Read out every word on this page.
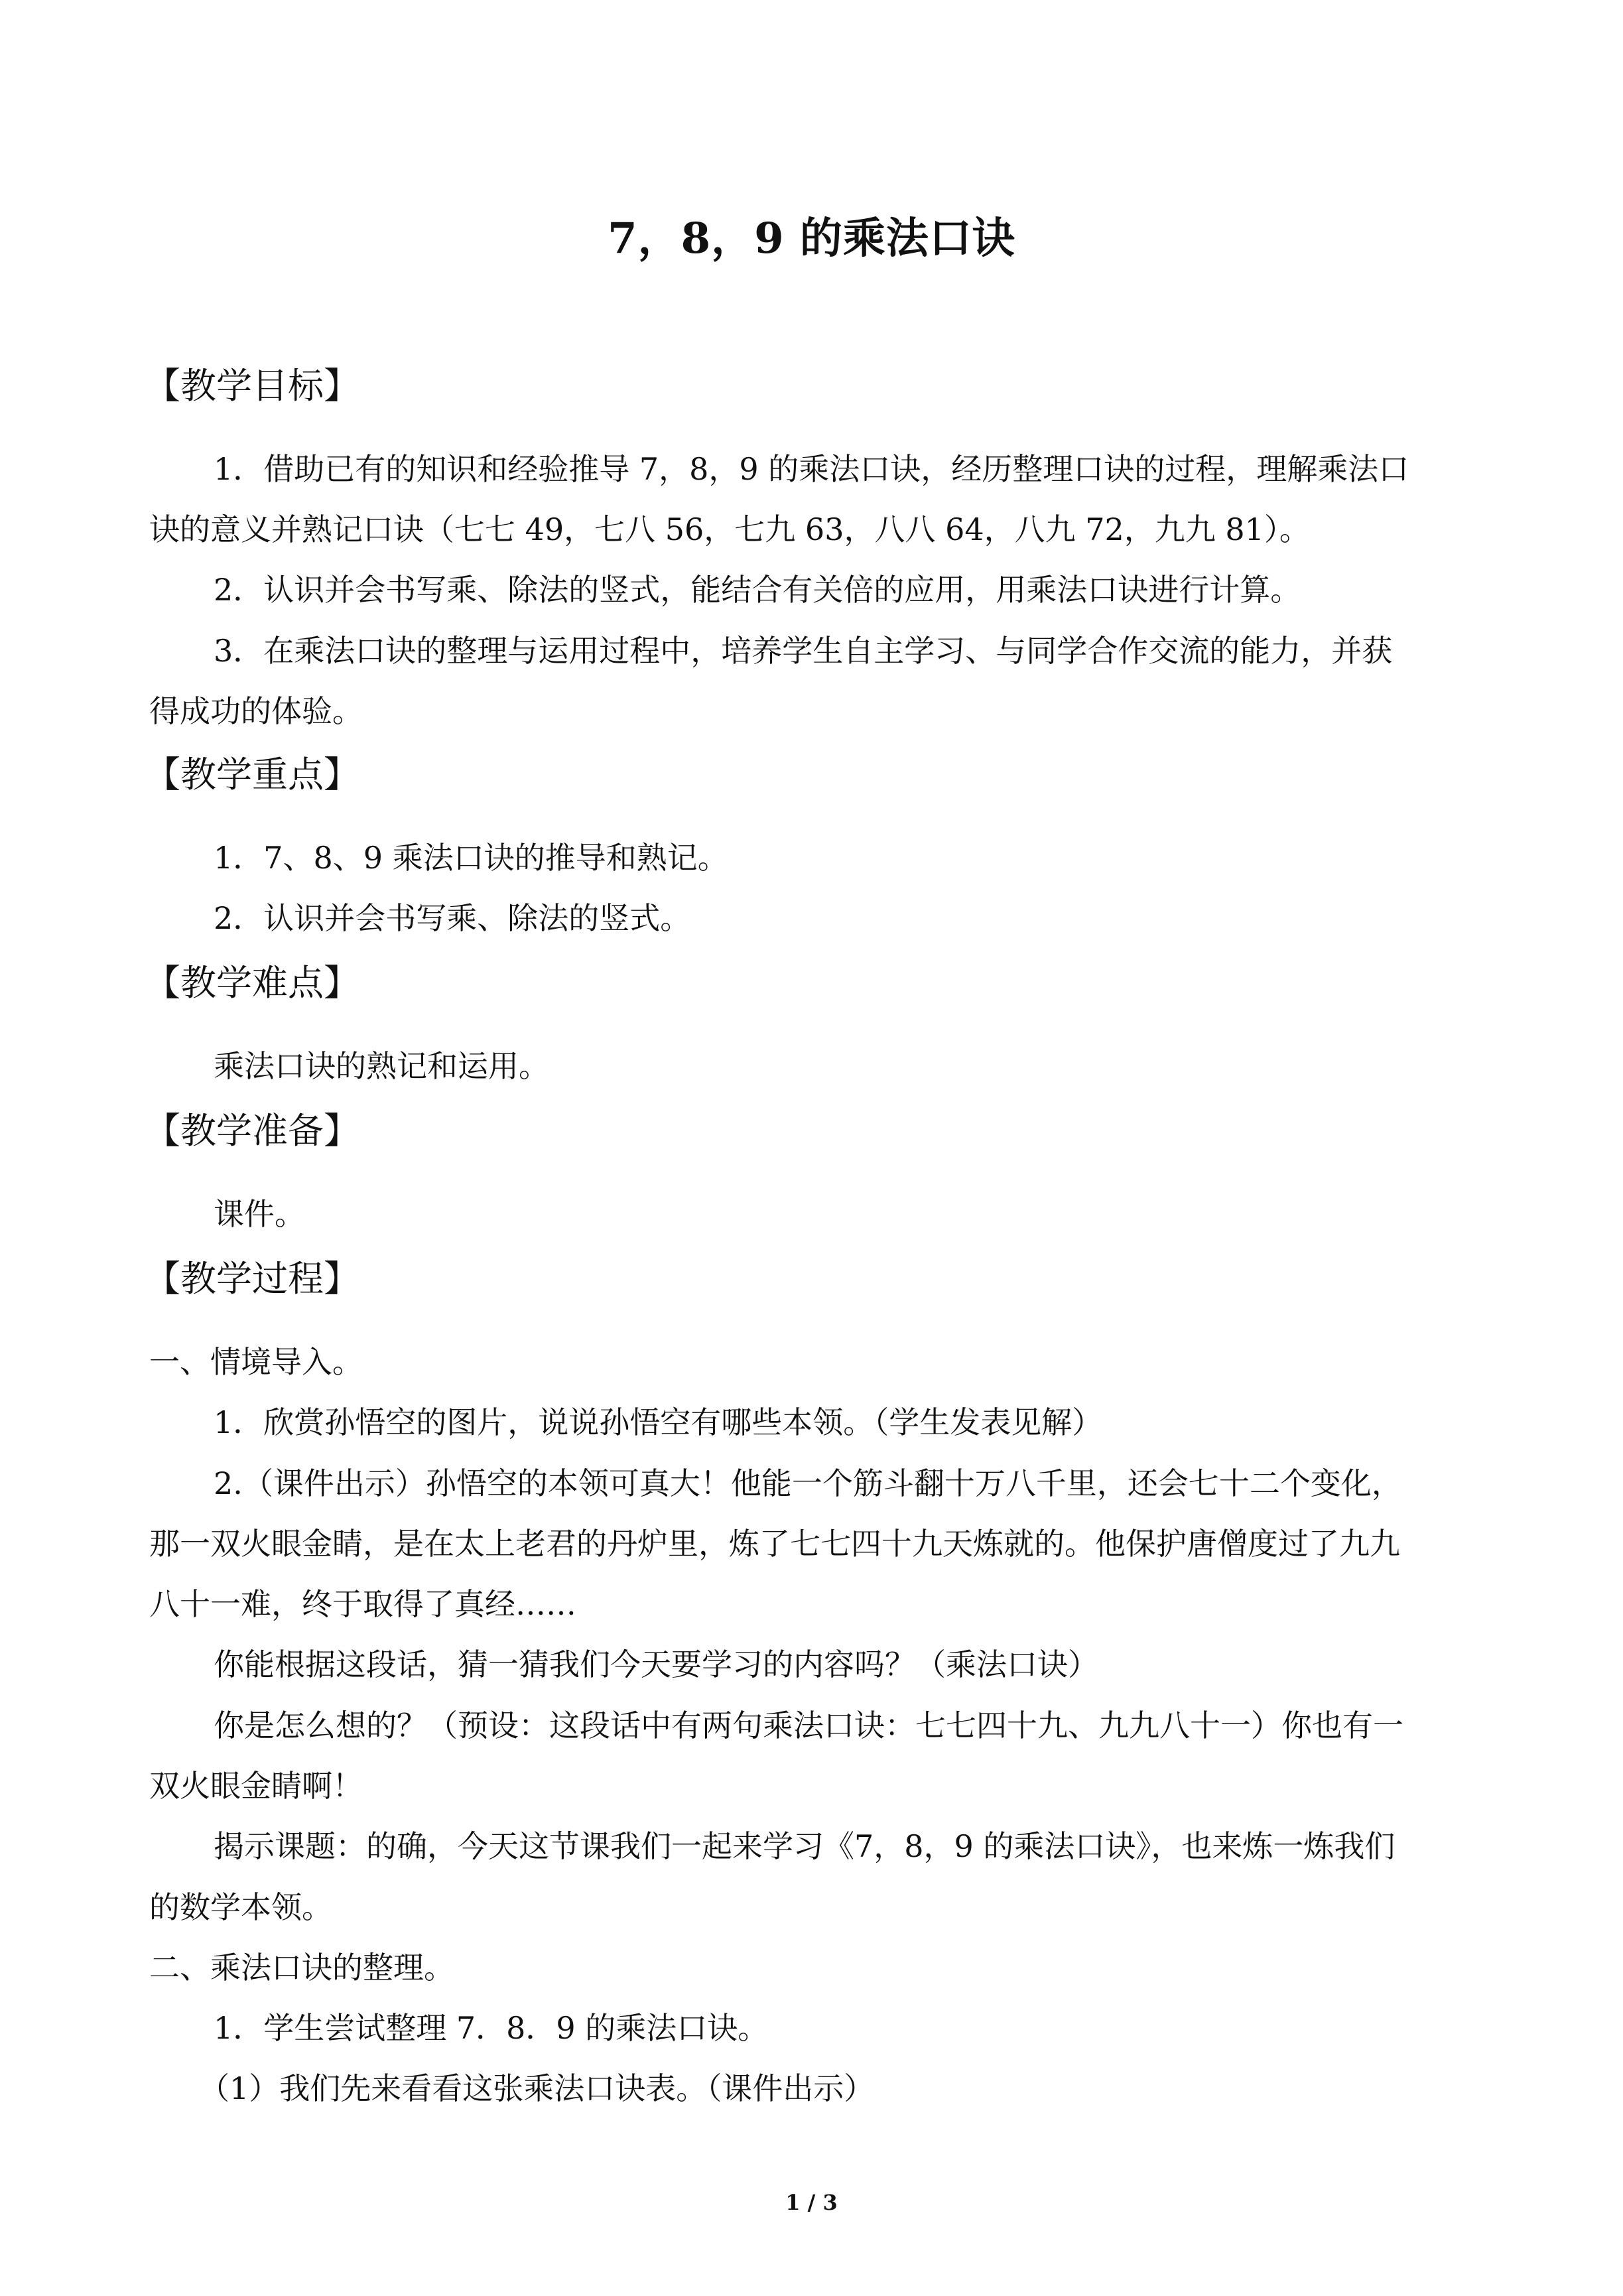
7，8，9 的乘法口诀
【教学目标】
1．借助已有的知识和经验推导 7，8，9 的乘法口诀，经历整理口诀的过程，理解乘法口
诀的意义并熟记口诀（七七 49，七八 56，七九 63，八八 64，八九 72，九九 81）。
2．认识并会书写乘、除法的竖式，能结合有关倍的应用，用乘法口诀进行计算。
3．在乘法口诀的整理与运用过程中，培养学生自主学习、与同学合作交流的能力，并获
得成功的体验。
【教学重点】
1．7、8、9 乘法口诀的推导和熟记。
2．认识并会书写乘、除法的竖式。
【教学难点】
乘法口诀的熟记和运用。
【教学准备】
课件。
【教学过程】
一、情境导入。
1．欣赏孙悟空的图片，说说孙悟空有哪些本领。（学生发表见解）
2.（课件出示）孙悟空的本领可真大！他能一个筋斗翻十万八千里，还会七十二个变化，
那一双火眼金睛，是在太上老君的丹炉里，炼了七七四十九天炼就的。他保护唐僧度过了九九
八十一难，终于取得了真经……
你能根据这段话，猜一猜我们今天要学习的内容吗？（乘法口诀）
你是怎么想的？（预设：这段话中有两句乘法口诀：七七四十九、九九八十一）你也有一
双火眼金睛啊！
揭示课题：的确，今天这节课我们一起来学习《7，8，9 的乘法口诀》，也来炼一炼我们
的数学本领。
二、乘法口诀的整理。
1．学生尝试整理 7．8．9 的乘法口诀。
（1）我们先来看看这张乘法口诀表。（课件出示）
1 / 3
